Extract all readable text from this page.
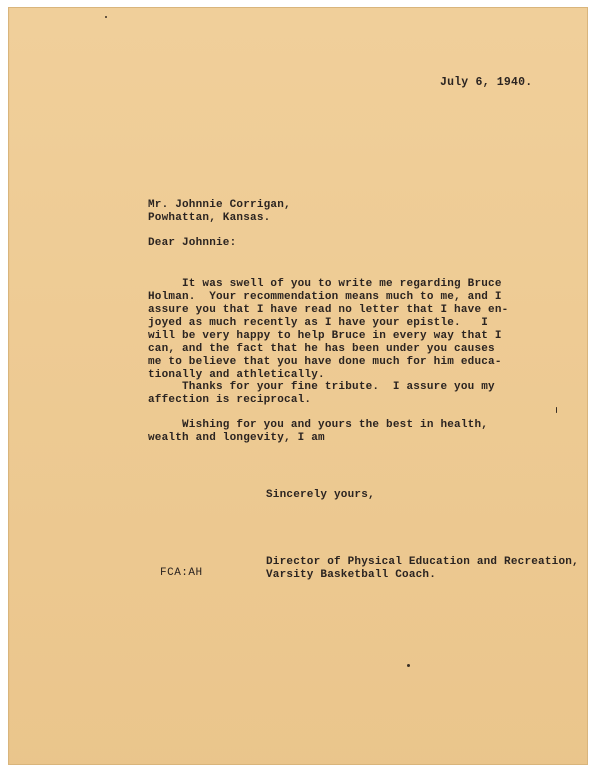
July 6, 1940.
Mr. Johnnie Corrigan,
Powhattan, Kansas.
Dear Johnnie:
It was swell of you to write me regarding Bruce
Holman.  Your recommendation means much to me, and I
assure you that I have read no letter that I have en-
joyed as much recently as I have your epistle.   I
will be very happy to help Bruce in every way that I
can, and the fact that he has been under you causes
me to believe that you have done much for him educa-
tionally and athletically.
Thanks for your fine tribute.  I assure you my
affection is reciprocal.
Wishing for you and yours the best in health,
wealth and longevity, I am
Sincerely yours,
FCA:AH
Director of Physical Education and Recreation,
Varsity Basketball Coach.
